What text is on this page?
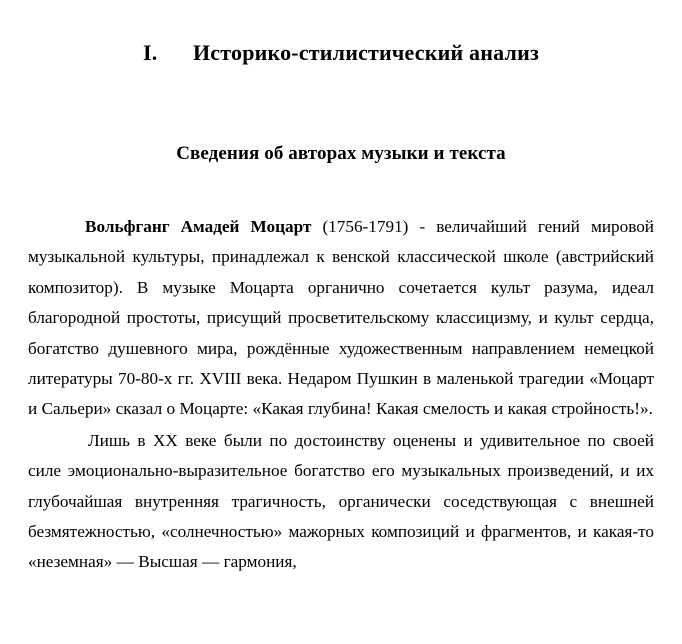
I. Историко-стилистический анализ
Сведения об авторах музыки и текста

Вольфганг Амадей Моцарт (1756-1791) - величайший гений мировой музыкальной культуры, принадлежал к венской классической школе (австрийский композитор). В музыке Моцарта органично сочетается культ разума, идеал благородной простоты, присущий просветительскому классицизму, и культ сердца, богатство душевного мира, рождённые художественным направлением немецкой литературы 70-80-х гг. XVIII века. Недаром Пушкин в маленькой трагедии «Моцарт и Сальери» сказал о Моцарте: «Какая глубина! Какая смелость и какая стройность!».

Лишь в XX веке были по достоинству оценены и удивительное по своей силе эмоционально-выразительное богатство его музыкальных произведений, и их глубочайшая внутренняя трагичность, органически соседствующая с внешней безмятежностью, «солнечностью» мажорных композиций и фрагментов, и какая-то «неземная» — Высшая — гармония,
